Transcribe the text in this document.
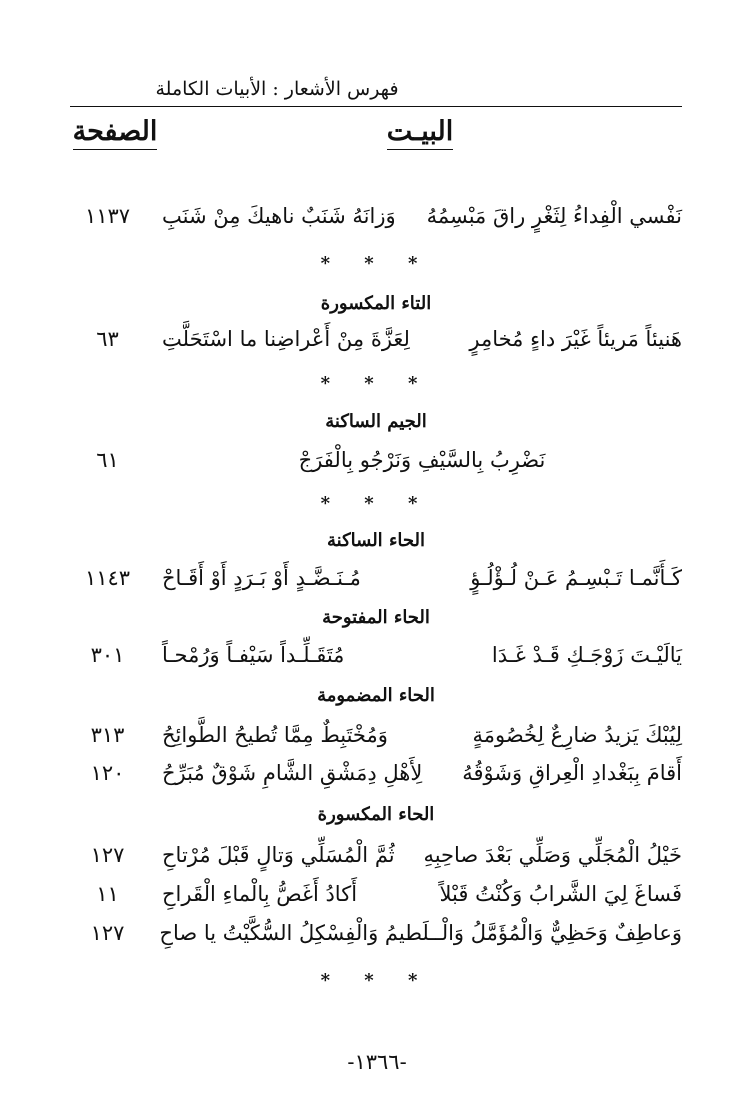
فهرس الأشعار : الأبيات الكاملة
البيـت
الصفحة
نَفْسي الْفِداءُ لِثَغْرٍ راقَ مَبْسِمُهُ
وَزانَهُ شَنَبٌ ناهيكَ مِنْ شَنَبِ
١١٣٧
* * *
التاء المكسورة
هَنيئاً مَريئاً غَيْرَ داءٍ مُخامِرٍ
لِعَزَّةَ مِنْ أَعْراضِنا ما اسْتَحَلَّتِ
٦٣
* * *
الجيم الساكنة
نَضْرِبُ بِالسَّيْفِ وَنَرْجُو بِالْفَرَجْ
٦١
* * *
الحاء الساكنة
كَـأَنَّمـا تَـبْسِـمُ عَـنْ لُـؤْلُـؤٍ
مُـنَـضَّـدٍ أَوْ بَـرَدٍ أَوْ أَقَـاحْ
١١٤٣
الحاء المفتوحة
يَالَيْـتَ زَوْجَـكِ قَـدْ غَـدَا
مُتَقَـلِّـداً سَيْفـاً وَرُمْحـاً
٣٠١
الحاء المضمومة
لِيُبْكَ يَزيدُ ضارِعٌ لِخُصُومَةٍ
وَمُخْتَبِطٌ مِمَّا تُطيحُ الطَّوائِحُ
٣١٣
أَقامَ بِبَغْدادِ الْعِراقِ وَشَوْقُهُ
لِأَهْلِ دِمَشْقِ الشَّامِ شَوْقٌ مُبَرِّحُ
١٢٠
الحاء المكسورة
خَيْلُ الْمُجَلِّي وَصَلِّي بَعْدَ صاحِبِهِ
ثُمَّ الْمُسَلِّي وَتالٍ قَبْلَ مُرْتاحِ
١٢٧
فَساغَ لِيَ الشَّرابُ وَكُنْتُ قَبْلاً
أَكادُ أَغَصُّ بِالْماءِ الْقَراحِ
١١
وَعاطِفٌ وَحَظِيٌّ وَالْمُؤَمَّلُ وَالْـ
ـلَطيمُ وَالْفِسْكِلُ السُّكَّيْتُ يا صاحِ
١٢٧
* * *
-١٣٦٦-
